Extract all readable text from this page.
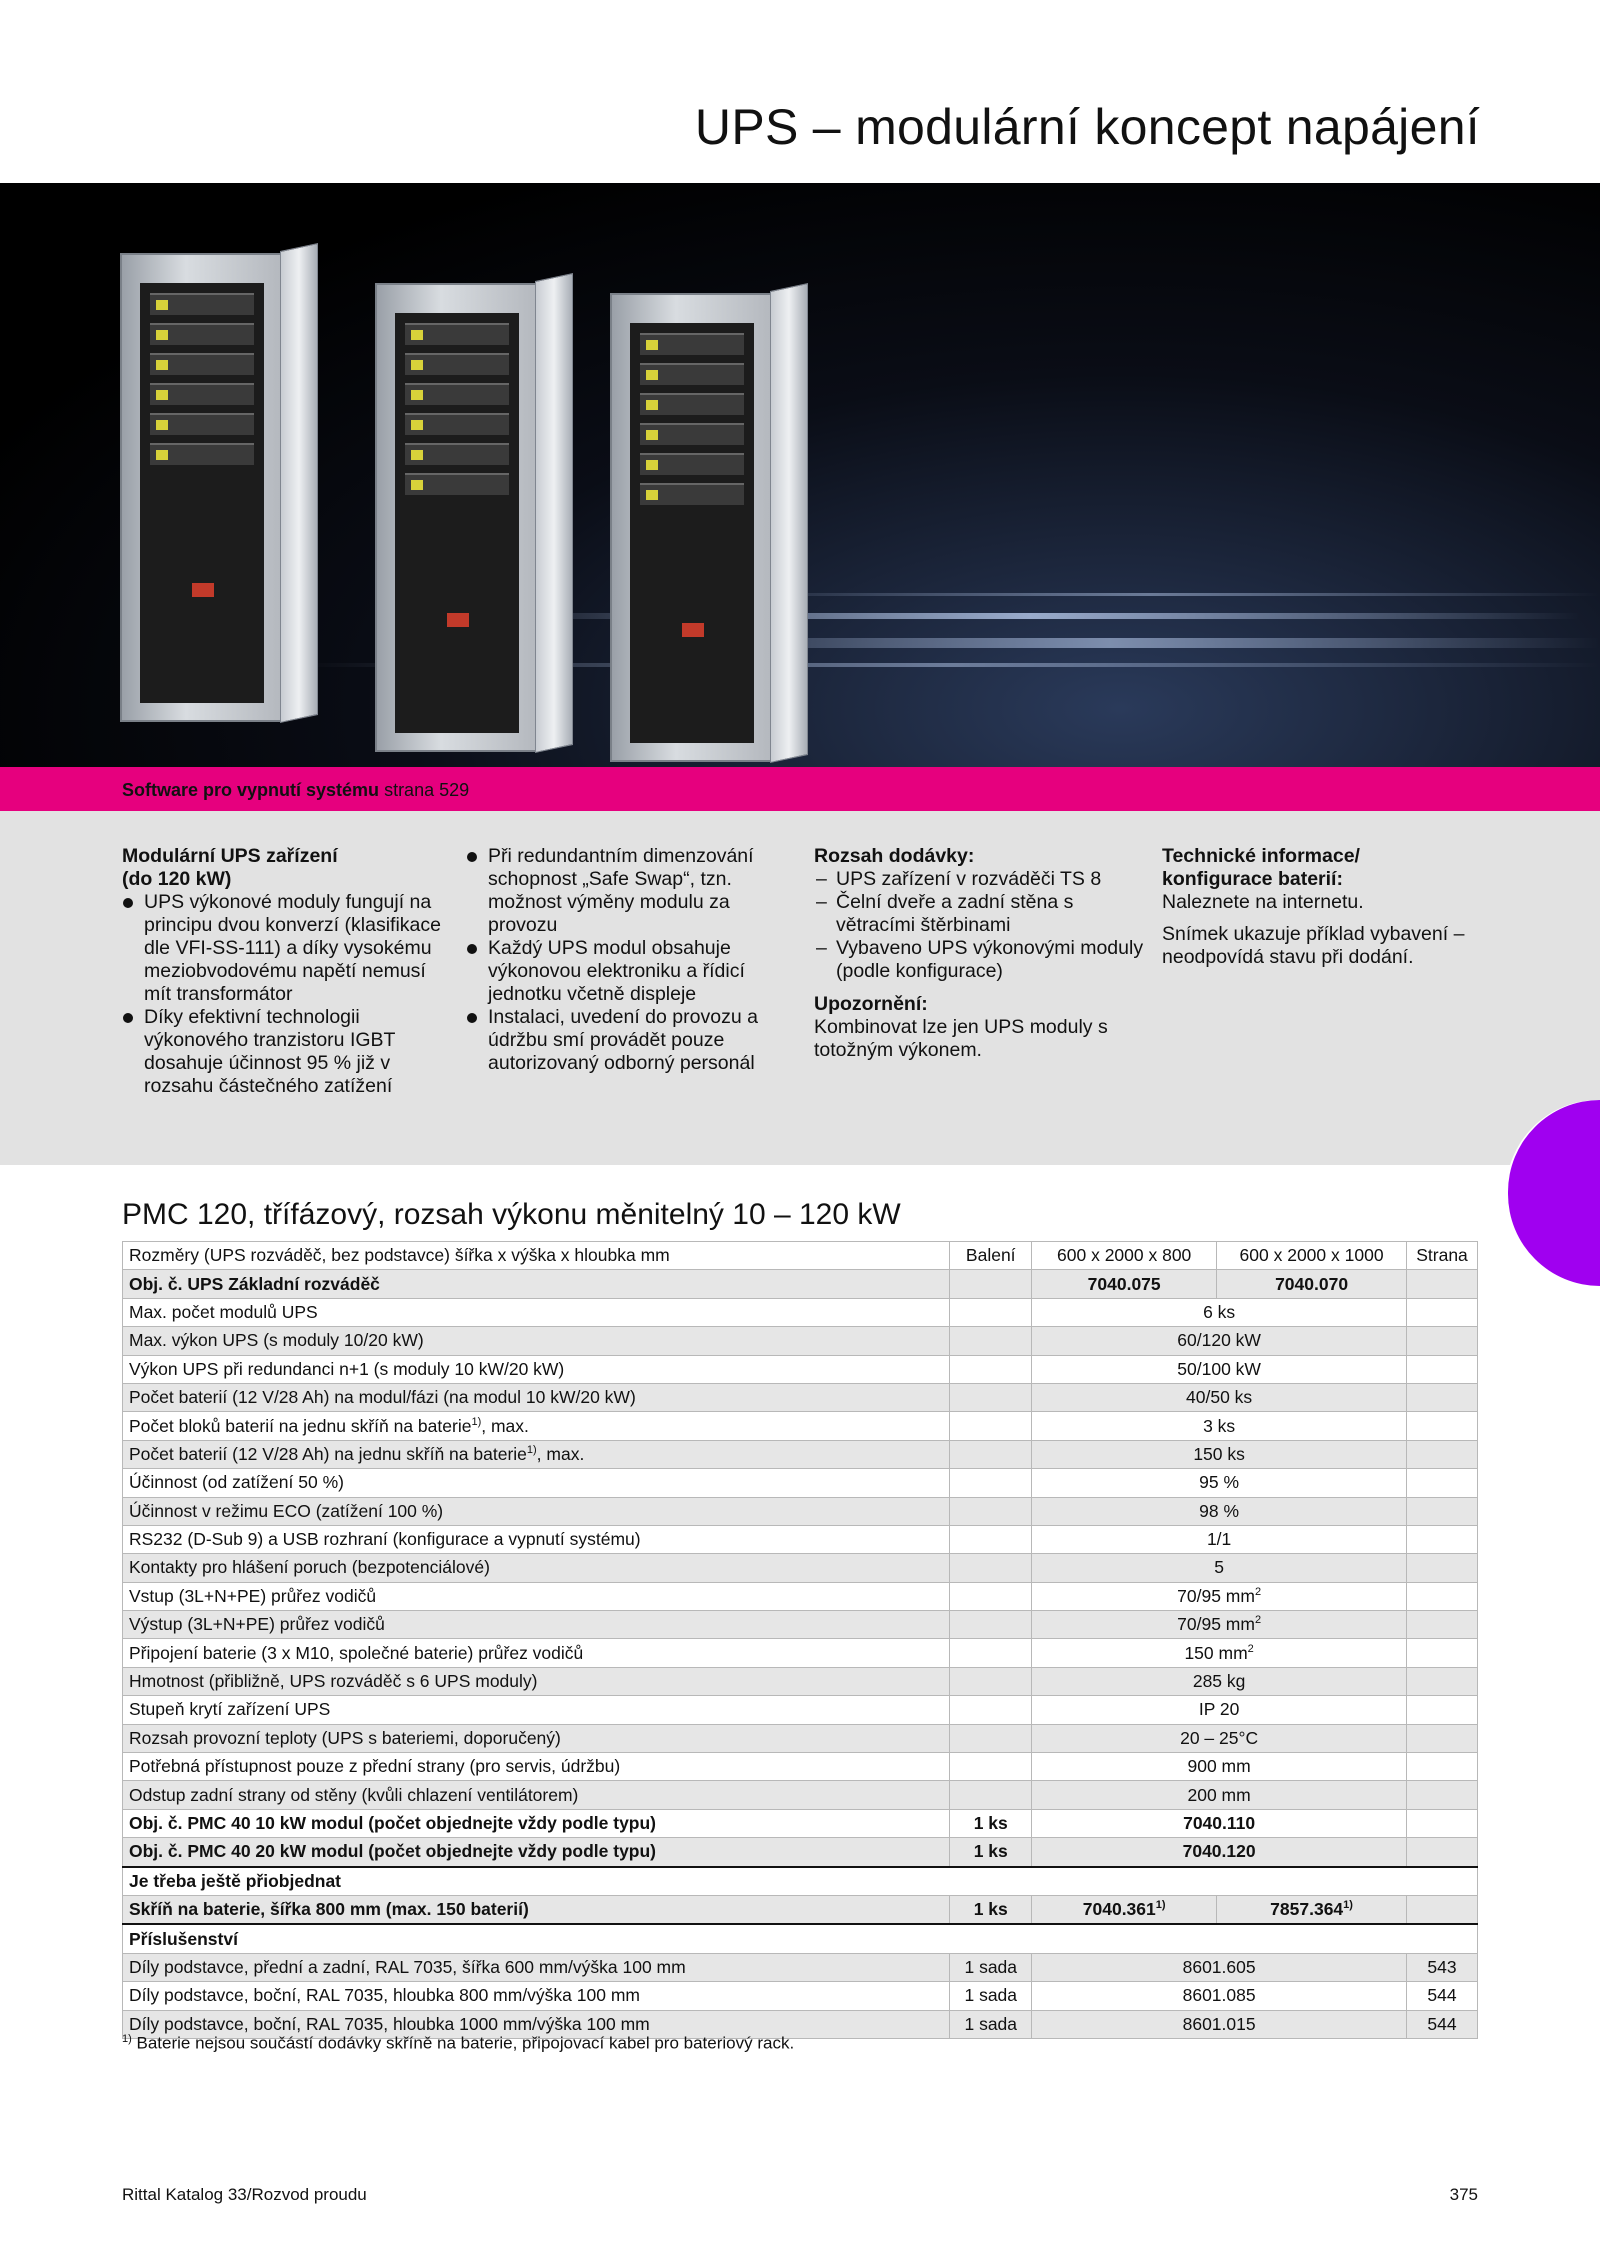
UPS – modulární koncept napájení
Software pro vypnutí systému strana 529
Modulární UPS zařízení
(do 120 kW)
UPS výkonové moduly fungují na principu dvou konverzí (klasifikace dle VFI-SS-111) a díky vysokému meziobvodovému napětí nemusí mít transformátor
Díky efektivní technologii výkonového tranzistoru IGBT dosahuje účinnost 95 % již v rozsahu částečného zatížení
Při redundantním dimenzování schopnost „Safe Swap“, tzn. možnost výměny modulu za provozu
Každý UPS modul obsahuje výkonovou elektroniku a řídicí jednotku včetně displeje
Instalaci, uvedení do provozu a údržbu smí provádět pouze autorizovaný odborný personál
Rozsah dodávky:
– UPS zařízení v rozváděči TS 8
– Čelní dveře a zadní stěna s větracími štěrbinami
– Vybaveno UPS výkonovými moduly (podle konfigurace)
Upozornění:
Kombinovat lze jen UPS moduly s totožným výkonem.
Technické informace/
konfigurace baterií:

Naleznete na internetu.

Snímek ukazuje příklad vybavení – neodpovídá stavu při dodání.

PMC 120, třífázový, rozsah výkonu měnitelný 10 – 120 kW
Rozměry (UPS rozváděč, bez podstavce) šířka x výška x hloubka mm	Balení	600 x 2000 x 800	600 x 2000 x 1000	Strana
Obj. č. UPS Základní rozváděč		7040.075	7040.070	
Max. počet modulů UPS		6 ks		
Max. výkon UPS (s moduly 10/20 kW)		60/120 kW		
Výkon UPS při redundanci n+1 (s moduly 10 kW/20 kW)		50/100 kW		
Počet baterií (12 V/28 Ah) na modul/fázi (na modul 10 kW/20 kW)		40/50 ks		
Počet bloků baterií na jednu skříň na baterie$^{1)}$, max.		3 ks		
Počet baterií (12 V/28 Ah) na jednu skříň na baterie$^{1)}$, max.		150 ks		
Účinnost (od zatížení 50 %)		95 %		
Účinnost v režimu ECO (zatížení 100 %)		98 %		
RS232 (D-Sub 9) a USB rozhraní (konfigurace a vypnutí systému)		1/1		
Kontakty pro hlášení poruch (bezpotenciálové)		5		
Vstup (3L+N+PE) průřez vodičů		70/95 $mm^2$	
Výstup (3L+N+PE) průřez vodičů		70/95 $mm^2$	
Připojení baterie (3 x M10, společné baterie) průřez vodičů		150 $mm^2$	
Hmotnost (přibližně, UPS rozváděč s 6 UPS moduly)		285 kg		
Stupeň krytí zařízení UPS		IP 20		
Rozsah provozní teploty (UPS s bateriemi, doporučený)		20 – 25°C		
Potřebná přístupnost pouze z přední strany (pro servis, údržbu)		900 mm		
Odstup zadní strany od stěny (kvůli chlazení ventilátorem)		200 mm		
Obj. č. PMC 40 10 kW modul (počet objednejte vždy podle typu)	1 ks	7040.110		
Obj. č. PMC 40 20 kW modul (počet objednejte vždy podle typu)	1 ks	7040.120		
Je třeba ještě přiobjednat				
Skříň na baterie, šířka 800 mm (max. 150 baterií)	1 ks	7040.361$^{1)}$	7857.364$^{1)}$	
Příslušenství				
Díly podstavce, přední a zadní, RAL 7035, šířka 600 mm/výška 100 mm	1 sada	8601.605		543
Díly podstavce, boční, RAL 7035, hloubka 800 mm/výška 100 mm	1 sada	8601.085		544
Díly podstavce, boční, RAL 7035, hloubka 1000 mm/výška 100 mm	1 sada	8601.015		544
$^{1)}$ Baterie nejsou součástí dodávky skříně na baterie, připojovací kabel pro bateriový rack.
Rittal Katalog 33/Rozvod proudu	375
